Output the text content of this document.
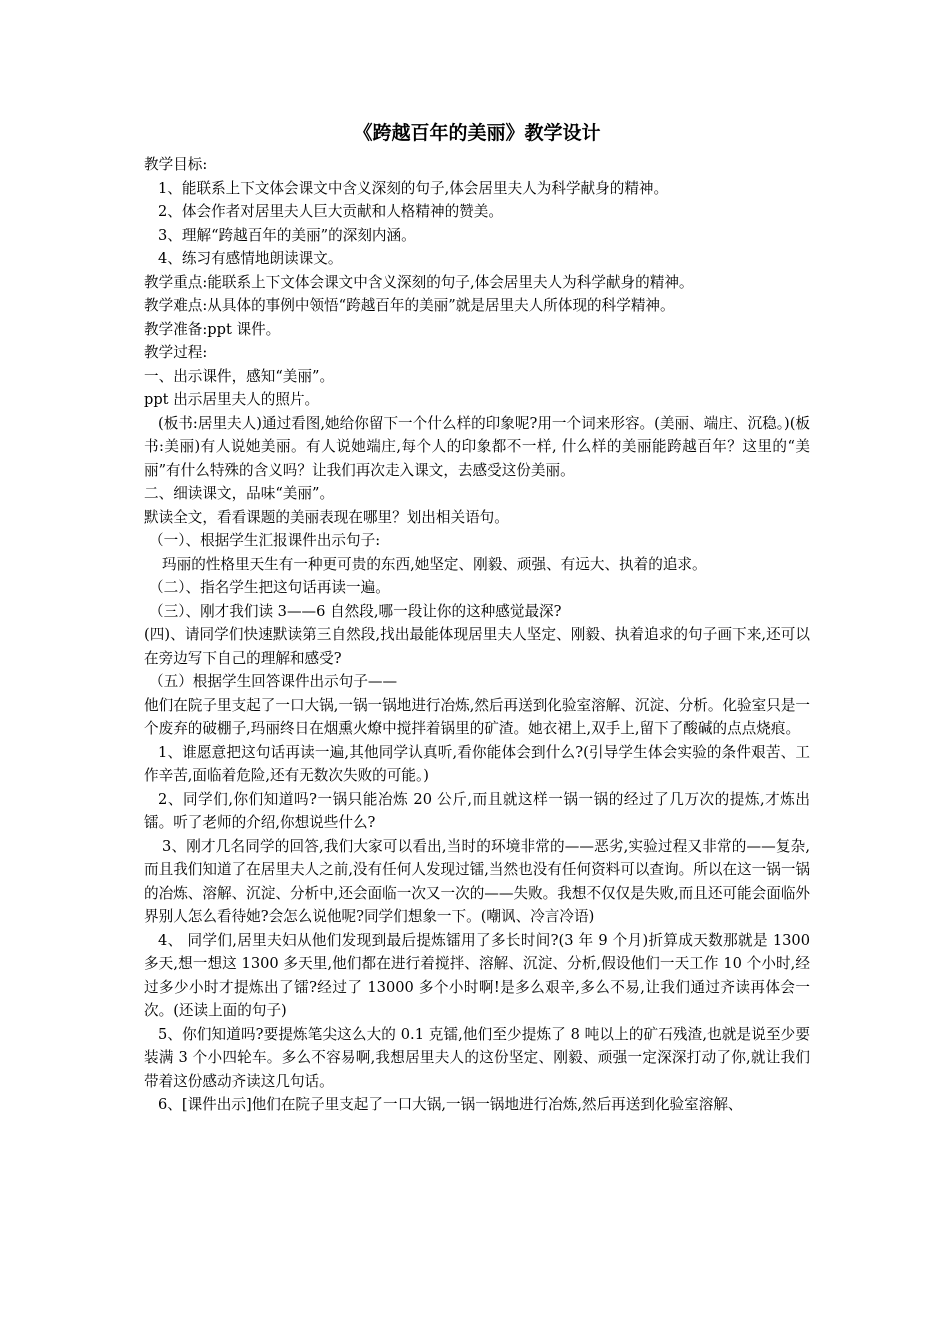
《跨越百年的美丽》教学设计

教学目标:

1、能联系上下文体会课文中含义深刻的句子,体会居里夫人为科学献身的精神。

2、体会作者对居里夫人巨大贡献和人格精神的赞美。

3、理解“跨越百年的美丽”的深刻内涵。

4、练习有感情地朗读课文。

教学重点:能联系上下文体会课文中含义深刻的句子,体会居里夫人为科学献身的精神。

教学难点:从具体的事例中领悟“跨越百年的美丽”就是居里夫人所体现的科学精神。

教学准备:ppt 课件。

教学过程:

一、出示课件，感知“美丽”。

ppt 出示居里夫人的照片。

(板书:居里夫人)通过看图,她给你留下一个什么样的印象呢?用一个词来形容。(美丽、端庄、沉稳。)(板书:美丽)有人说她美丽。有人说她端庄,每个人的印象都不一样, 什么样的美丽能跨越百年？这里的“美丽”有什么特殊的含义吗？让我们再次走入课文，去感受这份美丽。

二、细读课文，品味“美丽”。

默读全文，看看课题的美丽表现在哪里？划出相关语句。

（一）、根据学生汇报课件出示句子:

玛丽的性格里天生有一种更可贵的东西,她坚定、刚毅、顽强、有远大、执着的追求。

（二）、指名学生把这句话再读一遍。

（三）、刚才我们读 3——6 自然段,哪一段让你的这种感觉最深?

(四)、请同学们快速默读第三自然段,找出最能体现居里夫人坚定、刚毅、执着追求的句子画下来,还可以在旁边写下自己的理解和感受?

（五）根据学生回答课件出示句子——

他们在院子里支起了一口大锅,一锅一锅地进行冶炼,然后再送到化验室溶解、沉淀、分析。化验室只是一个废弃的破棚子,玛丽终日在烟熏火燎中搅拌着锅里的矿渣。她衣裙上,双手上,留下了酸碱的点点烧痕。

1、谁愿意把这句话再读一遍,其他同学认真听,看你能体会到什么?(引导学生体会实验的条件艰苦、工作辛苦,面临着危险,还有无数次失败的可能。)

2、同学们,你们知道吗?一锅只能冶炼 20 公斤,而且就这样一锅一锅的经过了几万次的提炼,才炼出镭。听了老师的介绍,你想说些什么?

3、刚才几名同学的回答,我们大家可以看出,当时的环境非常的——恶劣,实验过程又非常的——复杂,而且我们知道了在居里夫人之前,没有任何人发现过镭,当然也没有任何资料可以查询。所以在这一锅一锅的冶炼、溶解、沉淀、分析中,还会面临一次又一次的——失败。我想不仅仅是失败,而且还可能会面临外界别人怎么看待她?会怎么说他呢?同学们想象一下。(嘲讽、冷言冷语)

4、 同学们,居里夫妇从他们发现到最后提炼镭用了多长时间?(3 年 9 个月)折算成天数那就是 1300 多天,想一想这 1300 多天里,他们都在进行着搅拌、溶解、沉淀、分析,假设他们一天工作 10 个小时,经过多少小时才提炼出了镭?经过了 13000 多个小时啊!是多么艰辛,多么不易,让我们通过齐读再体会一次。(还读上面的句子)

5、你们知道吗?要提炼笔尖这么大的 0.1 克镭,他们至少提炼了 8 吨以上的矿石残渣,也就是说至少要装满 3 个小四轮车。多么不容易啊,我想居里夫人的这份坚定、刚毅、顽强一定深深打动了你,就让我们带着这份感动齐读这几句话。

6、[课件出示]他们在院子里支起了一口大锅,一锅一锅地进行冶炼,然后再送到化验室溶解、
